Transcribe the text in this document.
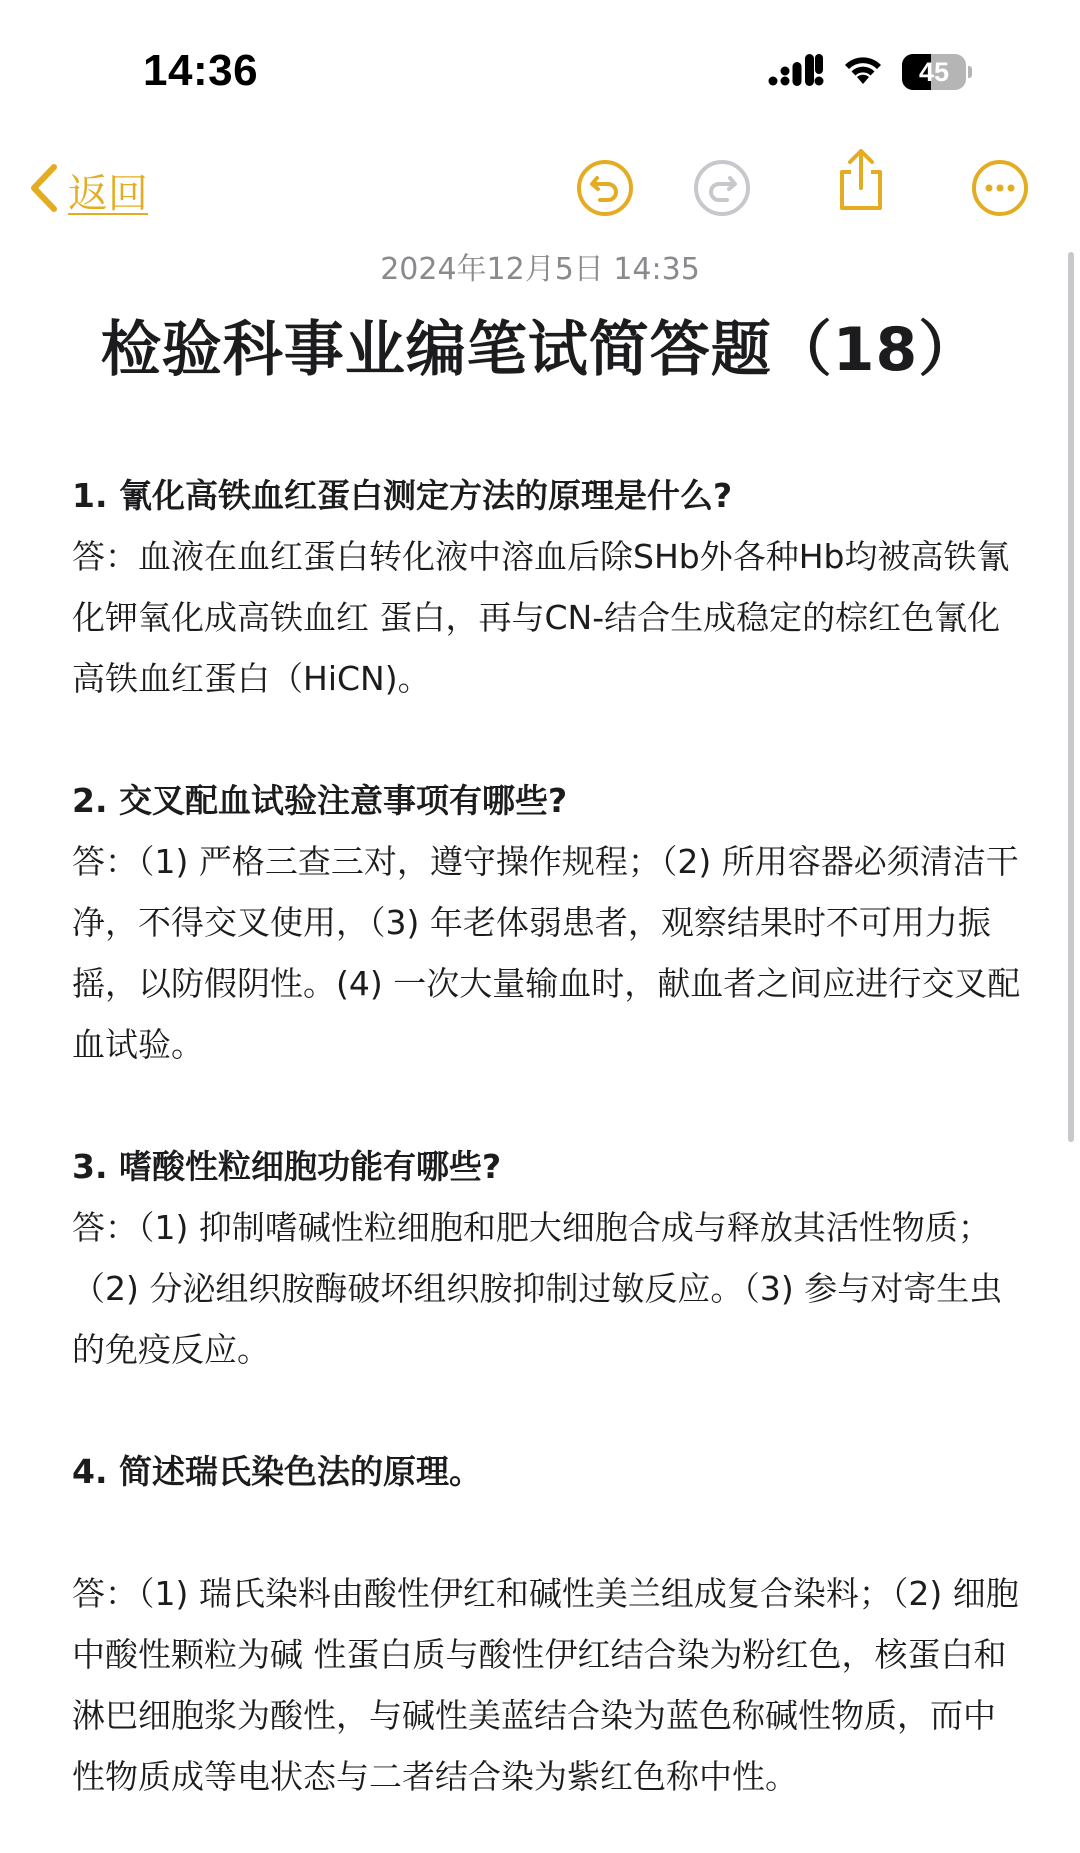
14:36	45
返回
2024年12月5日 14:35
检验科事业编笔试简答题（18）
1. 氰化高铁血红蛋白测定方法的原理是什么?
答：血液在血红蛋白转化液中溶血后除SHb外各种Hb均被高铁氰化钾氧化成高铁血红 蛋白，再与CN-结合生成稳定的棕红色氰化高铁血红蛋白（HiCN)。
2. 交叉配血试验注意事项有哪些?
答：（1) 严格三查三对，遵守操作规程；（2) 所用容器必须清洁干净，不得交叉使用，（3) 年老体弱患者，观察结果时不可用力振摇，以防假阴性。(4) 一次大量输血时，献血者之间应进行交叉配血试验。
3. 嗜酸性粒细胞功能有哪些?
答：（1) 抑制嗜碱性粒细胞和肥大细胞合成与释放其活性物质；（2) 分泌组织胺酶破坏组织胺抑制过敏反应。（3) 参与对寄生虫的免疫反应。
4. 简述瑞氏染色法的原理。
答：（1) 瑞氏染料由酸性伊红和碱性美兰组成复合染料；（2) 细胞中酸性颗粒为碱 性蛋白质与酸性伊红结合染为粉红色，核蛋白和淋巴细胞浆为酸性，与碱性美蓝结合染为蓝色称碱性物质，而中性物质成等电状态与二者结合染为紫红色称中性。
